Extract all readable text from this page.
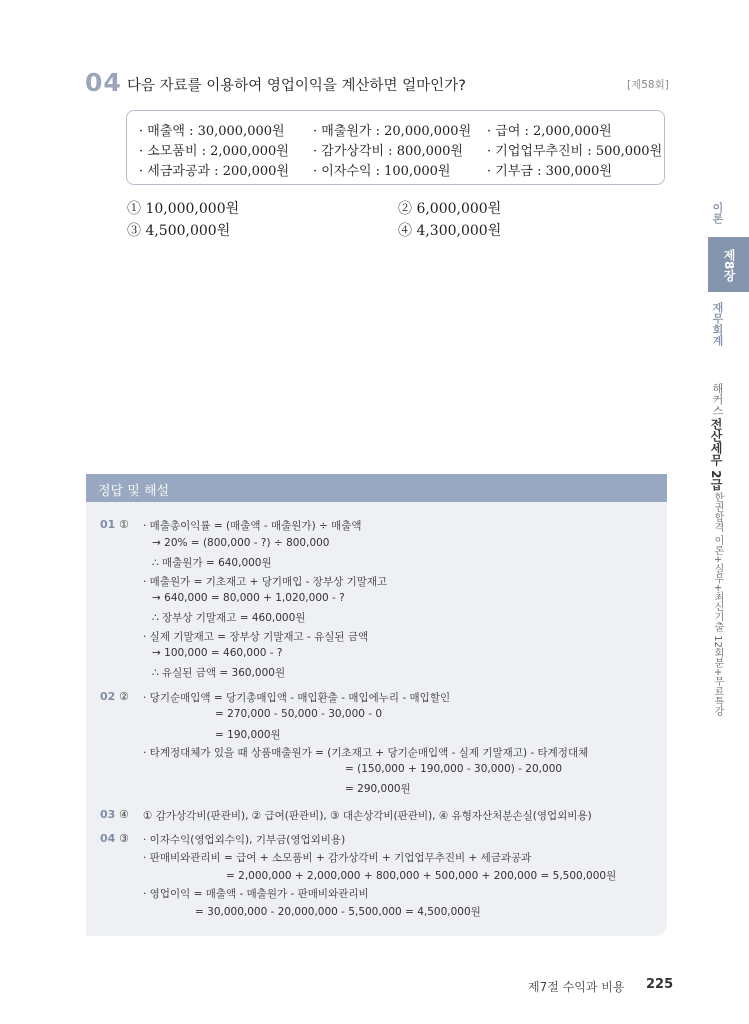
04 다음 자료를 이용하여 영업이익을 계산하면 얼마인가?	[제58회]
· 매출액 : 30,000,000원 · 매출원가 : 20,000,000원 · 급여 : 2,000,000원
· 소모품비 : 2,000,000원 · 감가상각비 : 800,000원 · 기업업무추진비 : 500,000원
· 세금과공과 : 200,000원 · 이자수익 : 100,000원	· 기부금 : 300,000원
① 10,000,000원	② 6,000,000원
③ 4,500,000원	④ 4,300,000원
이론
제8장
재무회계
해커스
전산세무 2급
한권합격 이론+실무+최신기출 12회분+무료특강
정답 및 해설
01 ① · 매출총이익률 = (매출액 - 매출원가) ÷ 매출액
→ 20% = (800,000 - ?) ÷ 800,000
∴ 매출원가 = 640,000원
· 매출원가 = 기초재고 + 당기매입 - 장부상 기말재고
→ 640,000 = 80,000 + 1,020,000 - ?
∴ 장부상 기말재고 = 460,000원
· 실제 기말재고 = 장부상 기말재고 - 유실된 금액
→ 100,000 = 460,000 - ?
∴ 유실된 금액 = 360,000원
02 ② · 당기순매입액 = 당기총매입액 - 매입환출 - 매입에누리 - 매입할인
= 270,000 - 50,000 - 30,000 - 0
= 190,000원
· 타계정대체가 있을 때 상품매출원가 = (기초재고 + 당기순매입액 - 실제 기말재고) - 타계정대체
= (150,000 + 190,000 - 30,000) - 20,000
= 290,000원
03 ④ ① 감가상각비(판관비), ② 급여(판관비), ③ 대손상각비(판관비), ④ 유형자산처분손실(영업외비용)
04 ③ · 이자수익(영업외수익), 기부금(영업외비용)
· 판매비와관리비 = 급여 + 소모품비 + 감가상각비 + 기업업무추진비 + 세금과공과
= 2,000,000 + 2,000,000 + 800,000 + 500,000 + 200,000 = 5,500,000원
· 영업이익 = 매출액 - 매출원가 - 판매비와관리비
= 30,000,000 - 20,000,000 - 5,500,000 = 4,500,000원
제7절 수익과 비용 225
